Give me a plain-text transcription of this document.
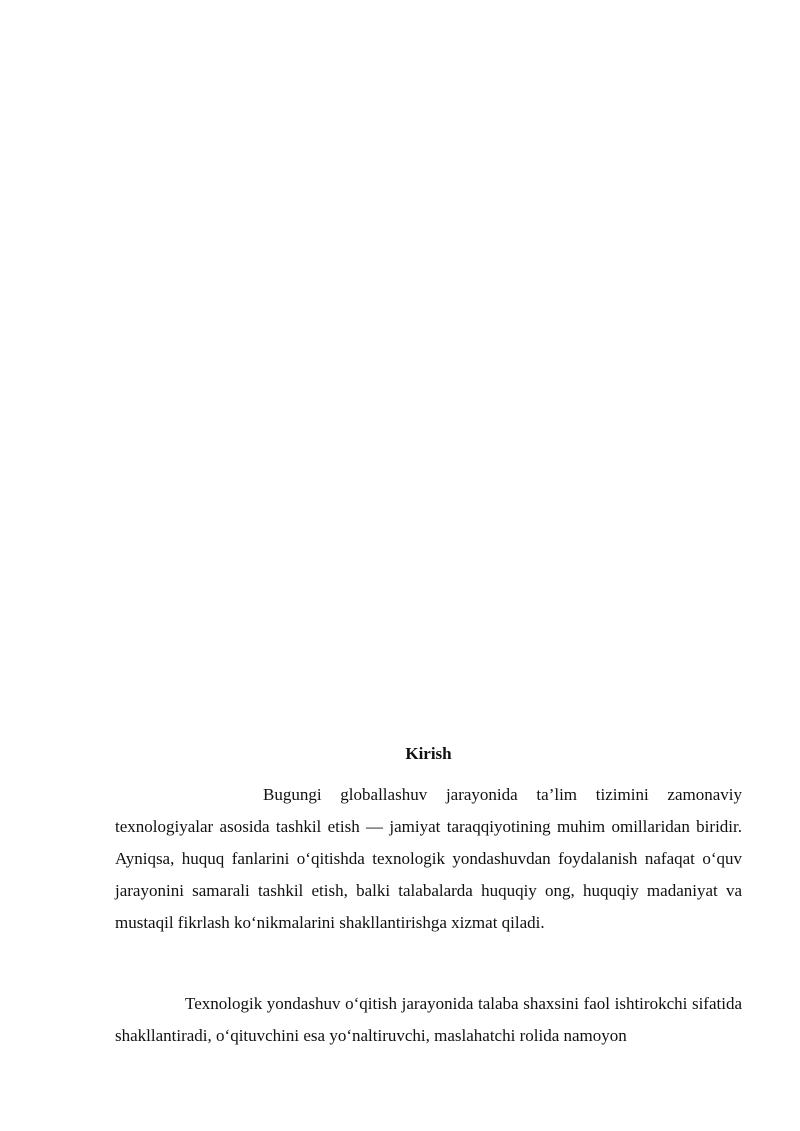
Kirish

Bugungi globallashuv jarayonida ta’lim tizimini zamonaviy texnologiyalar asosida tashkil etish — jamiyat taraqqiyotining muhim omillaridan biridir. Ayniqsa, huquq fanlarini o‘qitishda texnologik yondashuvdan foydalanish nafaqat o‘quv jarayonini samarali tashkil etish, balki talabalarda huquqiy ong, huquqiy madaniyat va mustaqil fikrlash ko‘nikmalarini shakllantirishga xizmat qiladi.

Texnologik yondashuv o‘qitish jarayonida talaba shaxsini faol ishtirokchi sifatida shakllantiradi, o‘qituvchini esa yo‘naltiruvchi, maslahatchi rolida namoyon
